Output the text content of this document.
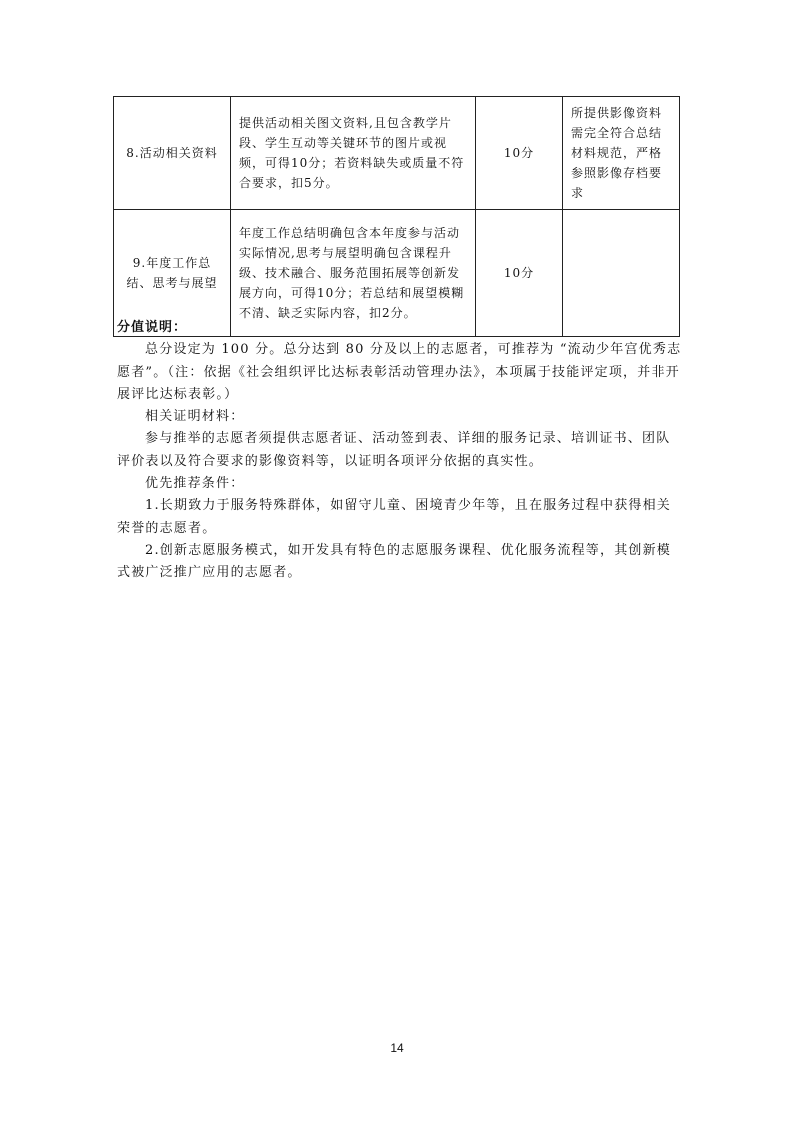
8.活动相关资料	提供活动相关图文资料,且包含教学片段、学生互动等关键环节的图片或视频，可得10分；若资料缺失或质量不符合要求，扣5分。	10分	所提供影像资料需完全符合总结材料规范，严格参照影像存档要求
9.年度工作总结、思考与展望	年度工作总结明确包含本年度参与活动实际情况,思考与展望明确包含课程升级、技术融合、服务范围拓展等创新发展方向，可得10分；若总结和展望模糊不清、缺乏实际内容，扣2分。	10分	

分值说明：

总分设定为 100 分。总分达到 80 分及以上的志愿者，可推荐为 “流动少年宫优秀志愿者”。（注：依据《社会组织评比达标表彰活动管理办法》，本项属于技能评定项，并非开展评比达标表彰。）

相关证明材料：

参与推举的志愿者须提供志愿者证、活动签到表、详细的服务记录、培训证书、团队评价表以及符合要求的影像资料等，以证明各项评分依据的真实性。

优先推荐条件：

1.长期致力于服务特殊群体，如留守儿童、困境青少年等，且在服务过程中获得相关荣誉的志愿者。

2.创新志愿服务模式，如开发具有特色的志愿服务课程、优化服务流程等，其创新模式被广泛推广应用的志愿者。

14
